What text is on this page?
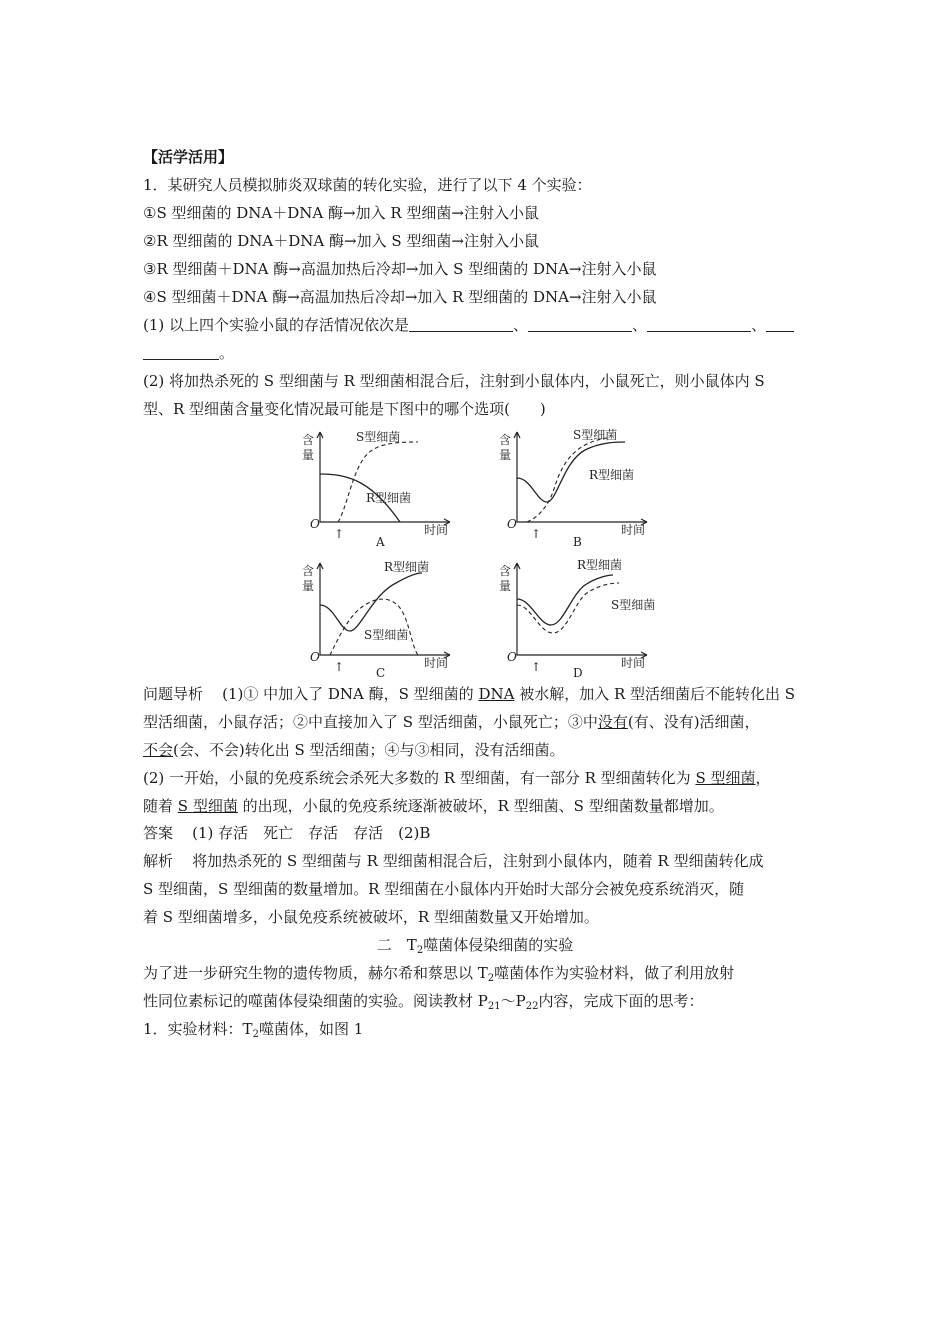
【活学活用】
1．某研究人员模拟肺炎双球菌的转化实验，进行了以下 4 个实验：
①S 型细菌的 DNA＋DNA 酶→加入 R 型细菌→注射入小鼠
②R 型细菌的 DNA＋DNA 酶→加入 S 型细菌→注射入小鼠
③R 型细菌＋DNA 酶→高温加热后冷却→加入 S 型细菌的 DNA→注射入小鼠
④S 型细菌＋DNA 酶→高温加热后冷却→加入 R 型细菌的 DNA→注射入小鼠
(1) 以上四个实验小鼠的存活情况依次是	、	、	、
。
(2) 将加热杀死的 S 型细菌与 R 型细菌相混合后，注射到小鼠体内，小鼠死亡，则小鼠体内 S
型、R 型细菌含量变化情况最可能是下图中的哪个选项(　　)
含
量
O
↑	时间
S型细菌
R型细菌
A
含
量
O
↑	时间
S型细菌
R型细菌
B
含
量
O
↑	时间
R型细菌
S型细菌
C
含
量
O
↑	时间
R型细菌
S型细菌
D
问题导析 (1)① 中加入了 DNA 酶，S 型细菌的 DNA 被水解，加入 R 型活细菌后不能转化出 S
型活细菌，小鼠存活；②中直接加入了 S 型活细菌，小鼠死亡；③中没有(有、没有)活细菌，
不会(会、不会)转化出 S 型活细菌；④与③相同，没有活细菌。
(2) 一开始，小鼠的免疫系统会杀死大多数的 R 型细菌，有一部分 R 型细菌转化为 S 型细菌，
随着 S 型细菌 的出现，小鼠的免疫系统逐渐被破坏，R 型细菌、S 型细菌数量都增加。
答案 (1) 存活　死亡　存活　存活　(2)B
解析 将加热杀死的 S 型细菌与 R 型细菌相混合后，注射到小鼠体内，随着 R 型细菌转化成
S 型细菌，S 型细菌的数量增加。R 型细菌在小鼠体内开始时大部分会被免疫系统消灭，随
着 S 型细菌增多，小鼠免疫系统被破坏，R 型细菌数量又开始增加。
二　$T_2$噬菌体侵染细菌的实验
为了进一步研究生物的遗传物质，赫尔希和蔡思以 $T_2$噬菌体作为实验材料，做了利用放射
性同位素标记的噬菌体侵染细菌的实验。阅读教材 $P_{21}\sim P_{22}$内容，完成下面的思考：
1．实验材料：$T_2$噬菌体，如图 1
